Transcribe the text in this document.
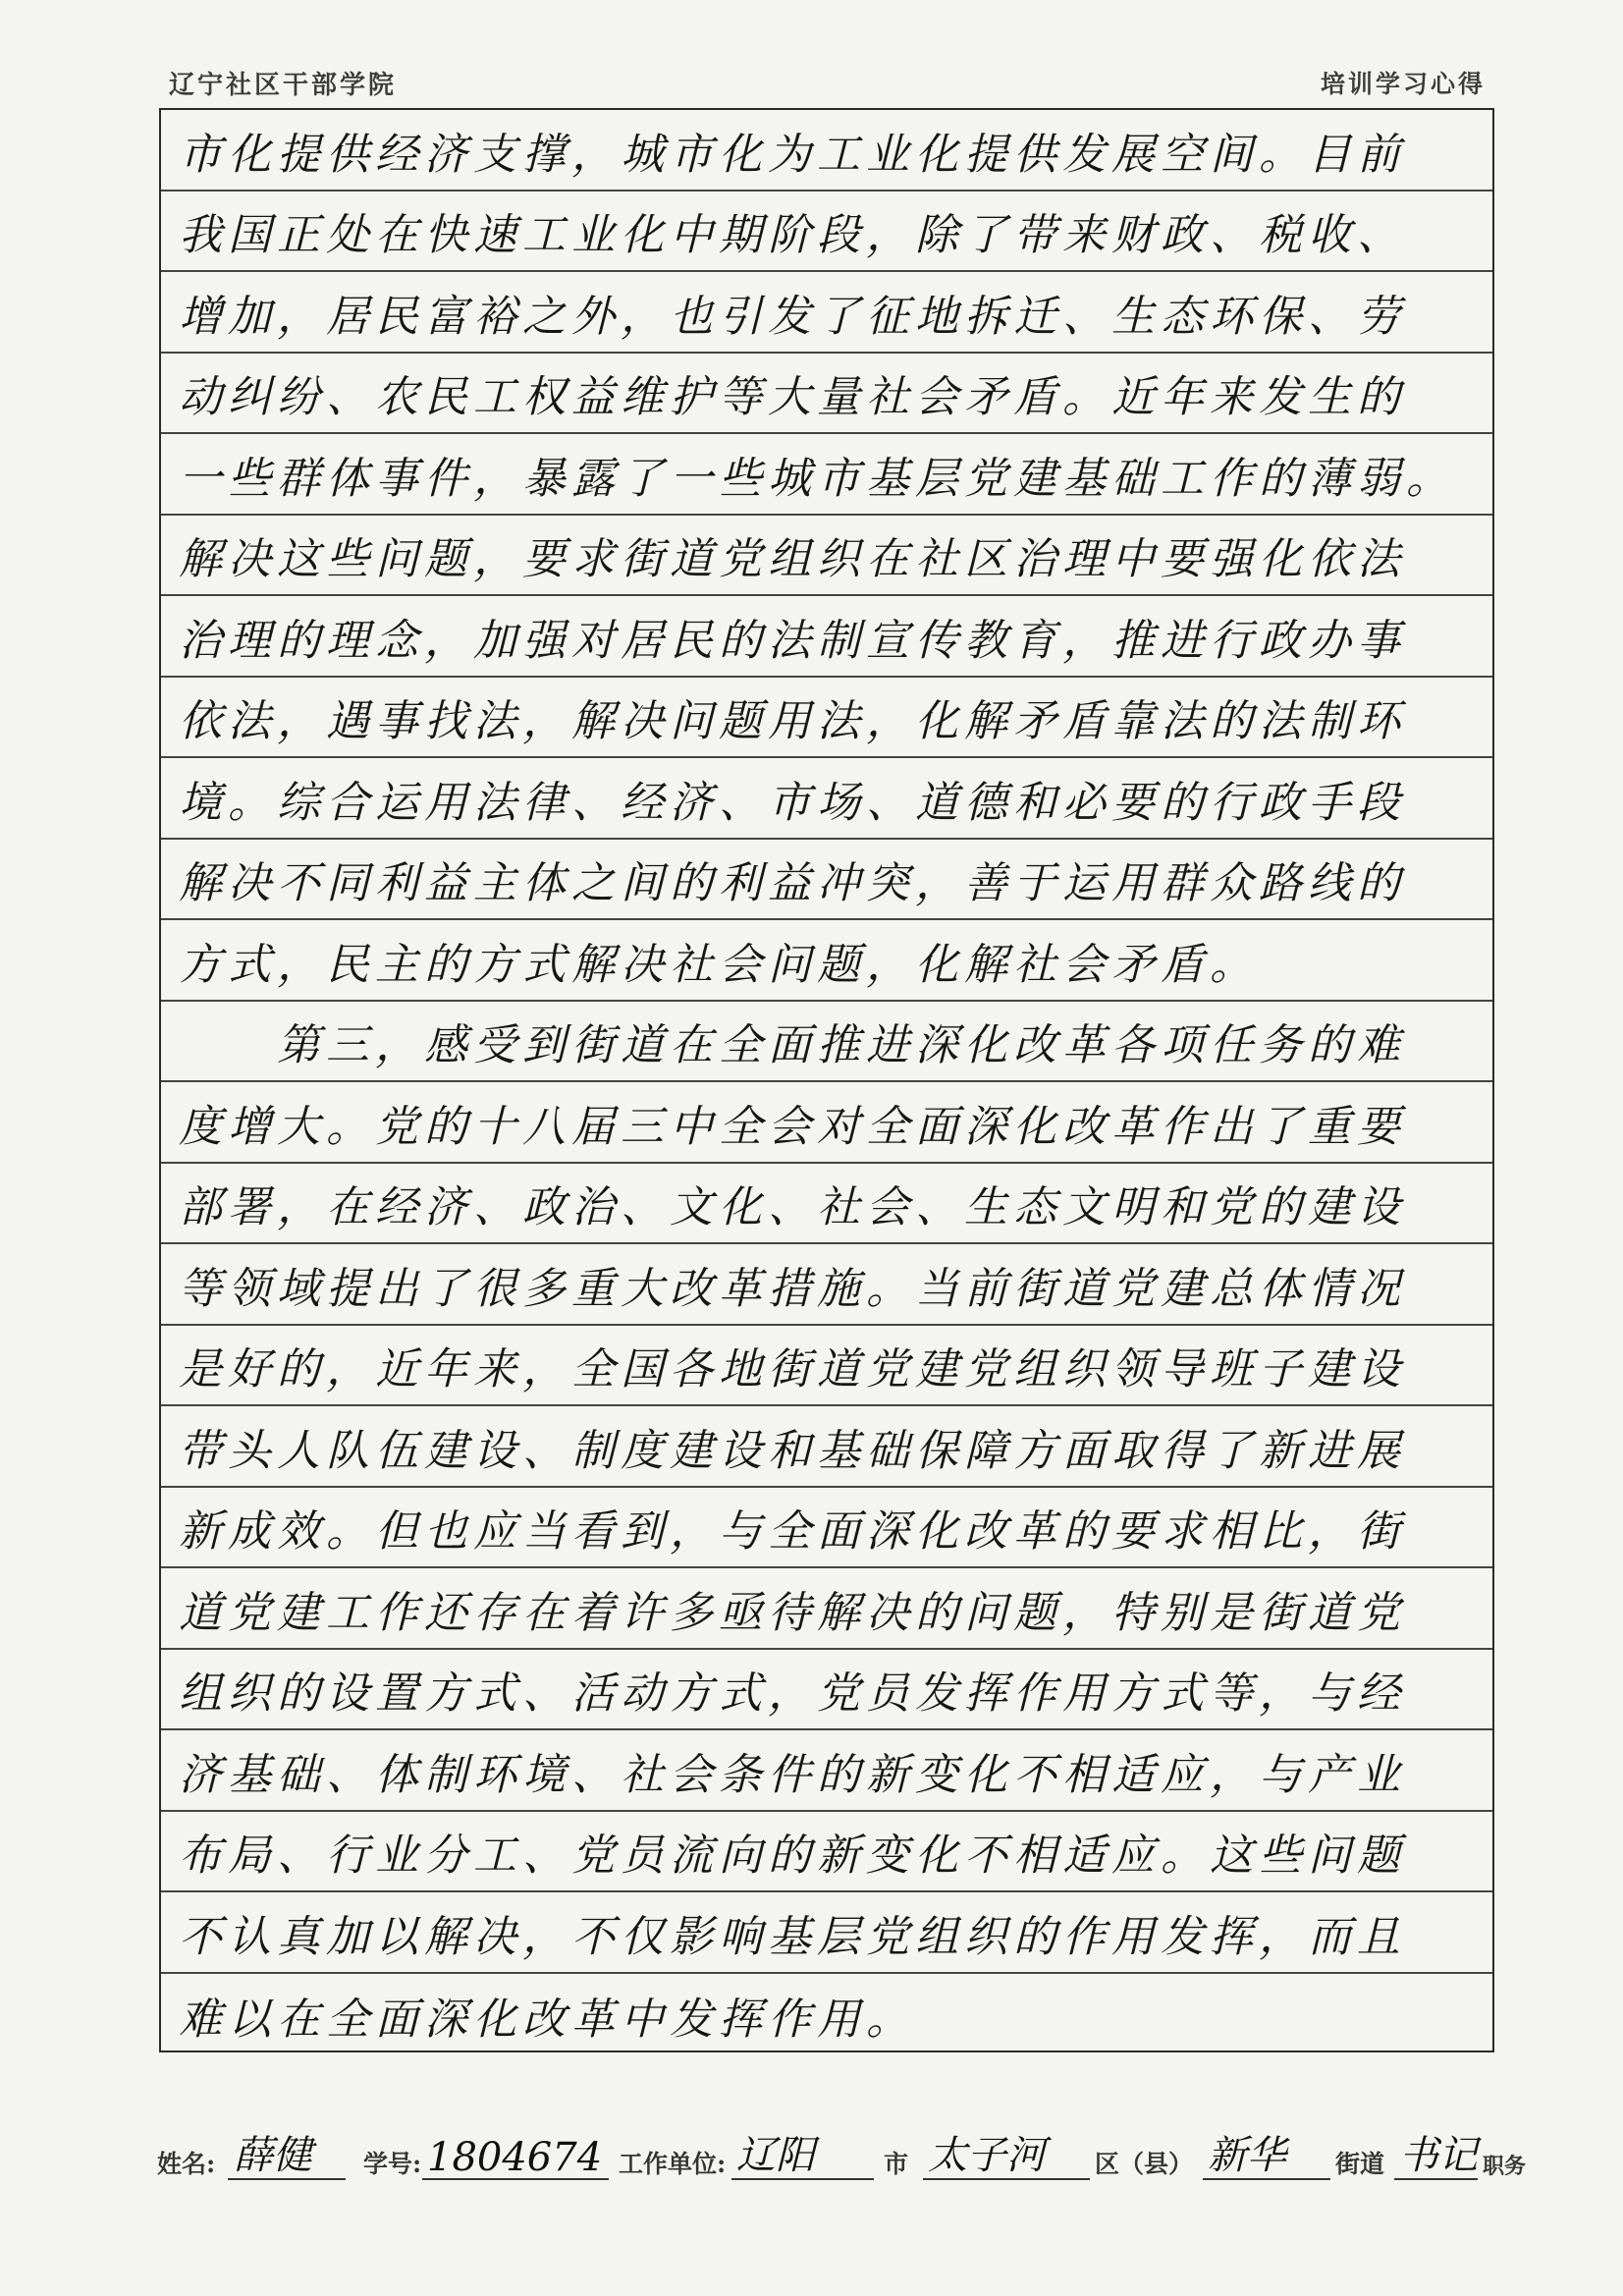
辽宁社区干部学院	培训学习心得
市化提供经济支撑，城市化为工业化提供发展空间。目前
我国正处在快速工业化中期阶段，除了带来财政、税收、
增加，居民富裕之外，也引发了征地拆迁、生态环保、劳
动纠纷、农民工权益维护等大量社会矛盾。近年来发生的
一些群体事件，暴露了一些城市基层党建基础工作的薄弱。
解决这些问题，要求街道党组织在社区治理中要强化依法
治理的理念，加强对居民的法制宣传教育，推进行政办事
依法，遇事找法，解决问题用法，化解矛盾靠法的法制环
境。综合运用法律、经济、市场、道德和必要的行政手段
解决不同利益主体之间的利益冲突，善于运用群众路线的
方式，民主的方式解决社会问题，化解社会矛盾。
　　第三，感受到街道在全面推进深化改革各项任务的难
度增大。党的十八届三中全会对全面深化改革作出了重要
部署，在经济、政治、文化、社会、生态文明和党的建设
等领域提出了很多重大改革措施。当前街道党建总体情况
是好的，近年来，全国各地街道党建党组织领导班子建设
带头人队伍建设、制度建设和基础保障方面取得了新进展
新成效。但也应当看到，与全面深化改革的要求相比，街
道党建工作还存在着许多亟待解决的问题，特别是街道党
组织的设置方式、活动方式，党员发挥作用方式等，与经
济基础、体制环境、社会条件的新变化不相适应，与产业
布局、行业分工、党员流向的新变化不相适应。这些问题
不认真加以解决，不仅影响基层党组织的作用发挥，而且
难以在全面深化改革中发挥作用。
姓名: 薛健 学号: 1804674 工作单位: 辽阳	市 太子河 区（县） 新华 街道 书记 职务
